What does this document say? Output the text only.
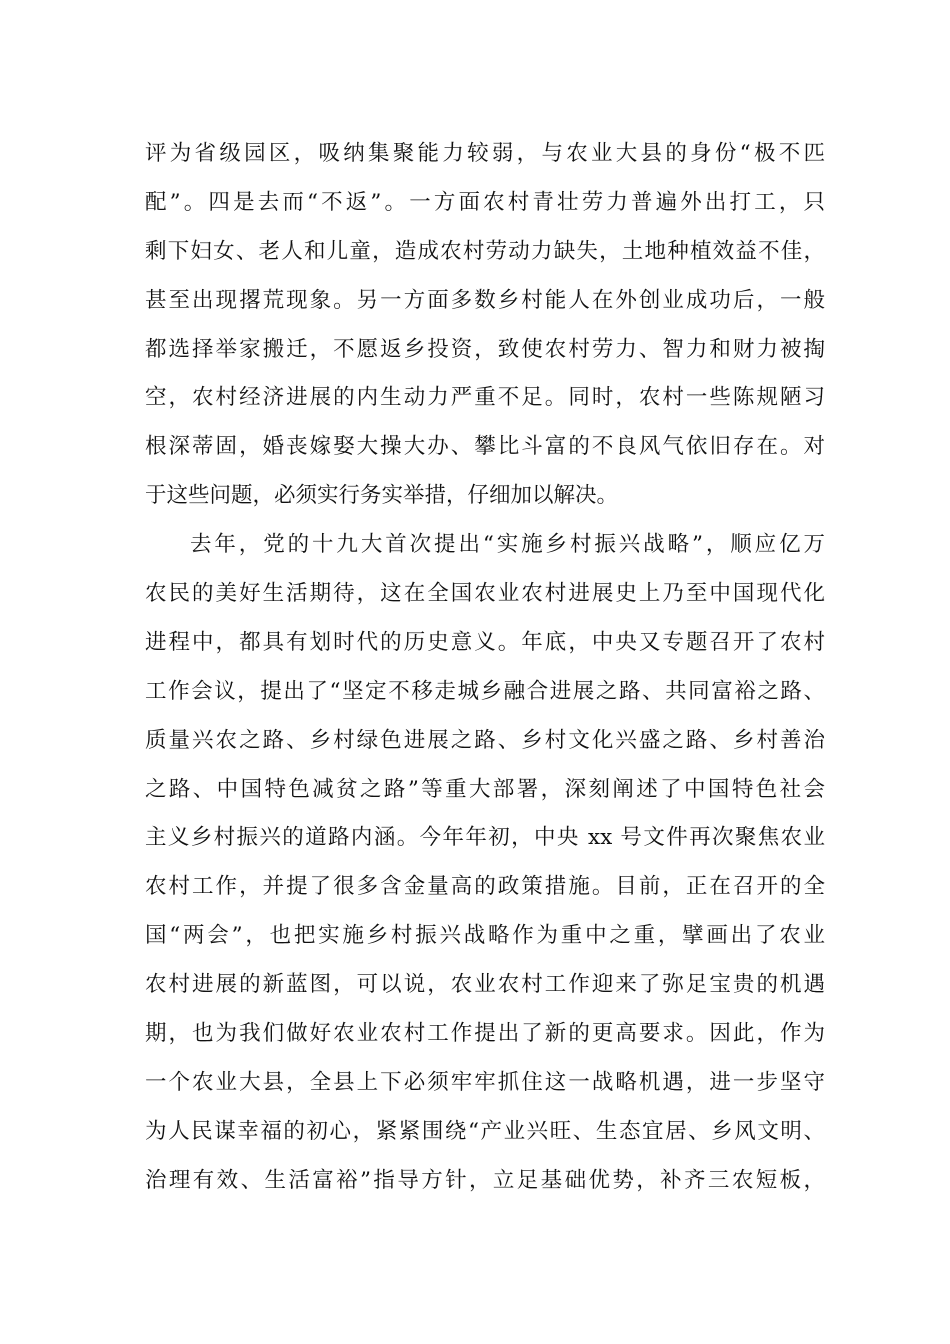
评为省级园区，吸纳集聚能力较弱，与农业大县的身份“极不匹
配”。四是去而“不返”。一方面农村青壮劳力普遍外出打工，只
剩下妇女、老人和儿童，造成农村劳动力缺失，土地种植效益不佳，
甚至出现撂荒现象。另一方面多数乡村能人在外创业成功后，一般
都选择举家搬迁，不愿返乡投资，致使农村劳力、智力和财力被掏
空，农村经济进展的内生动力严重不足。同时，农村一些陈规陋习
根深蒂固，婚丧嫁娶大操大办、攀比斗富的不良风气依旧存在。对
于这些问题，必须实行务实举措，仔细加以解决。
去年，党的十九大首次提出“实施乡村振兴战略”，顺应亿万
农民的美好生活期待，这在全国农业农村进展史上乃至中国现代化
进程中，都具有划时代的历史意义。年底，中央又专题召开了农村
工作会议，提出了“坚定不移走城乡融合进展之路、共同富裕之路、
质量兴农之路、乡村绿色进展之路、乡村文化兴盛之路、乡村善治
之路、中国特色减贫之路”等重大部署，深刻阐述了中国特色社会
主义乡村振兴的道路内涵。今年年初，中央 xx 号文件再次聚焦农业
农村工作，并提了很多含金量高的政策措施。目前，正在召开的全
国“两会”，也把实施乡村振兴战略作为重中之重，擘画出了农业
农村进展的新蓝图，可以说，农业农村工作迎来了弥足宝贵的机遇
期，也为我们做好农业农村工作提出了新的更高要求。因此，作为
一个农业大县，全县上下必须牢牢抓住这一战略机遇，进一步坚守
为人民谋幸福的初心，紧紧围绕“产业兴旺、生态宜居、乡风文明、
治理有效、生活富裕”指导方针，立足基础优势，补齐三农短板，
